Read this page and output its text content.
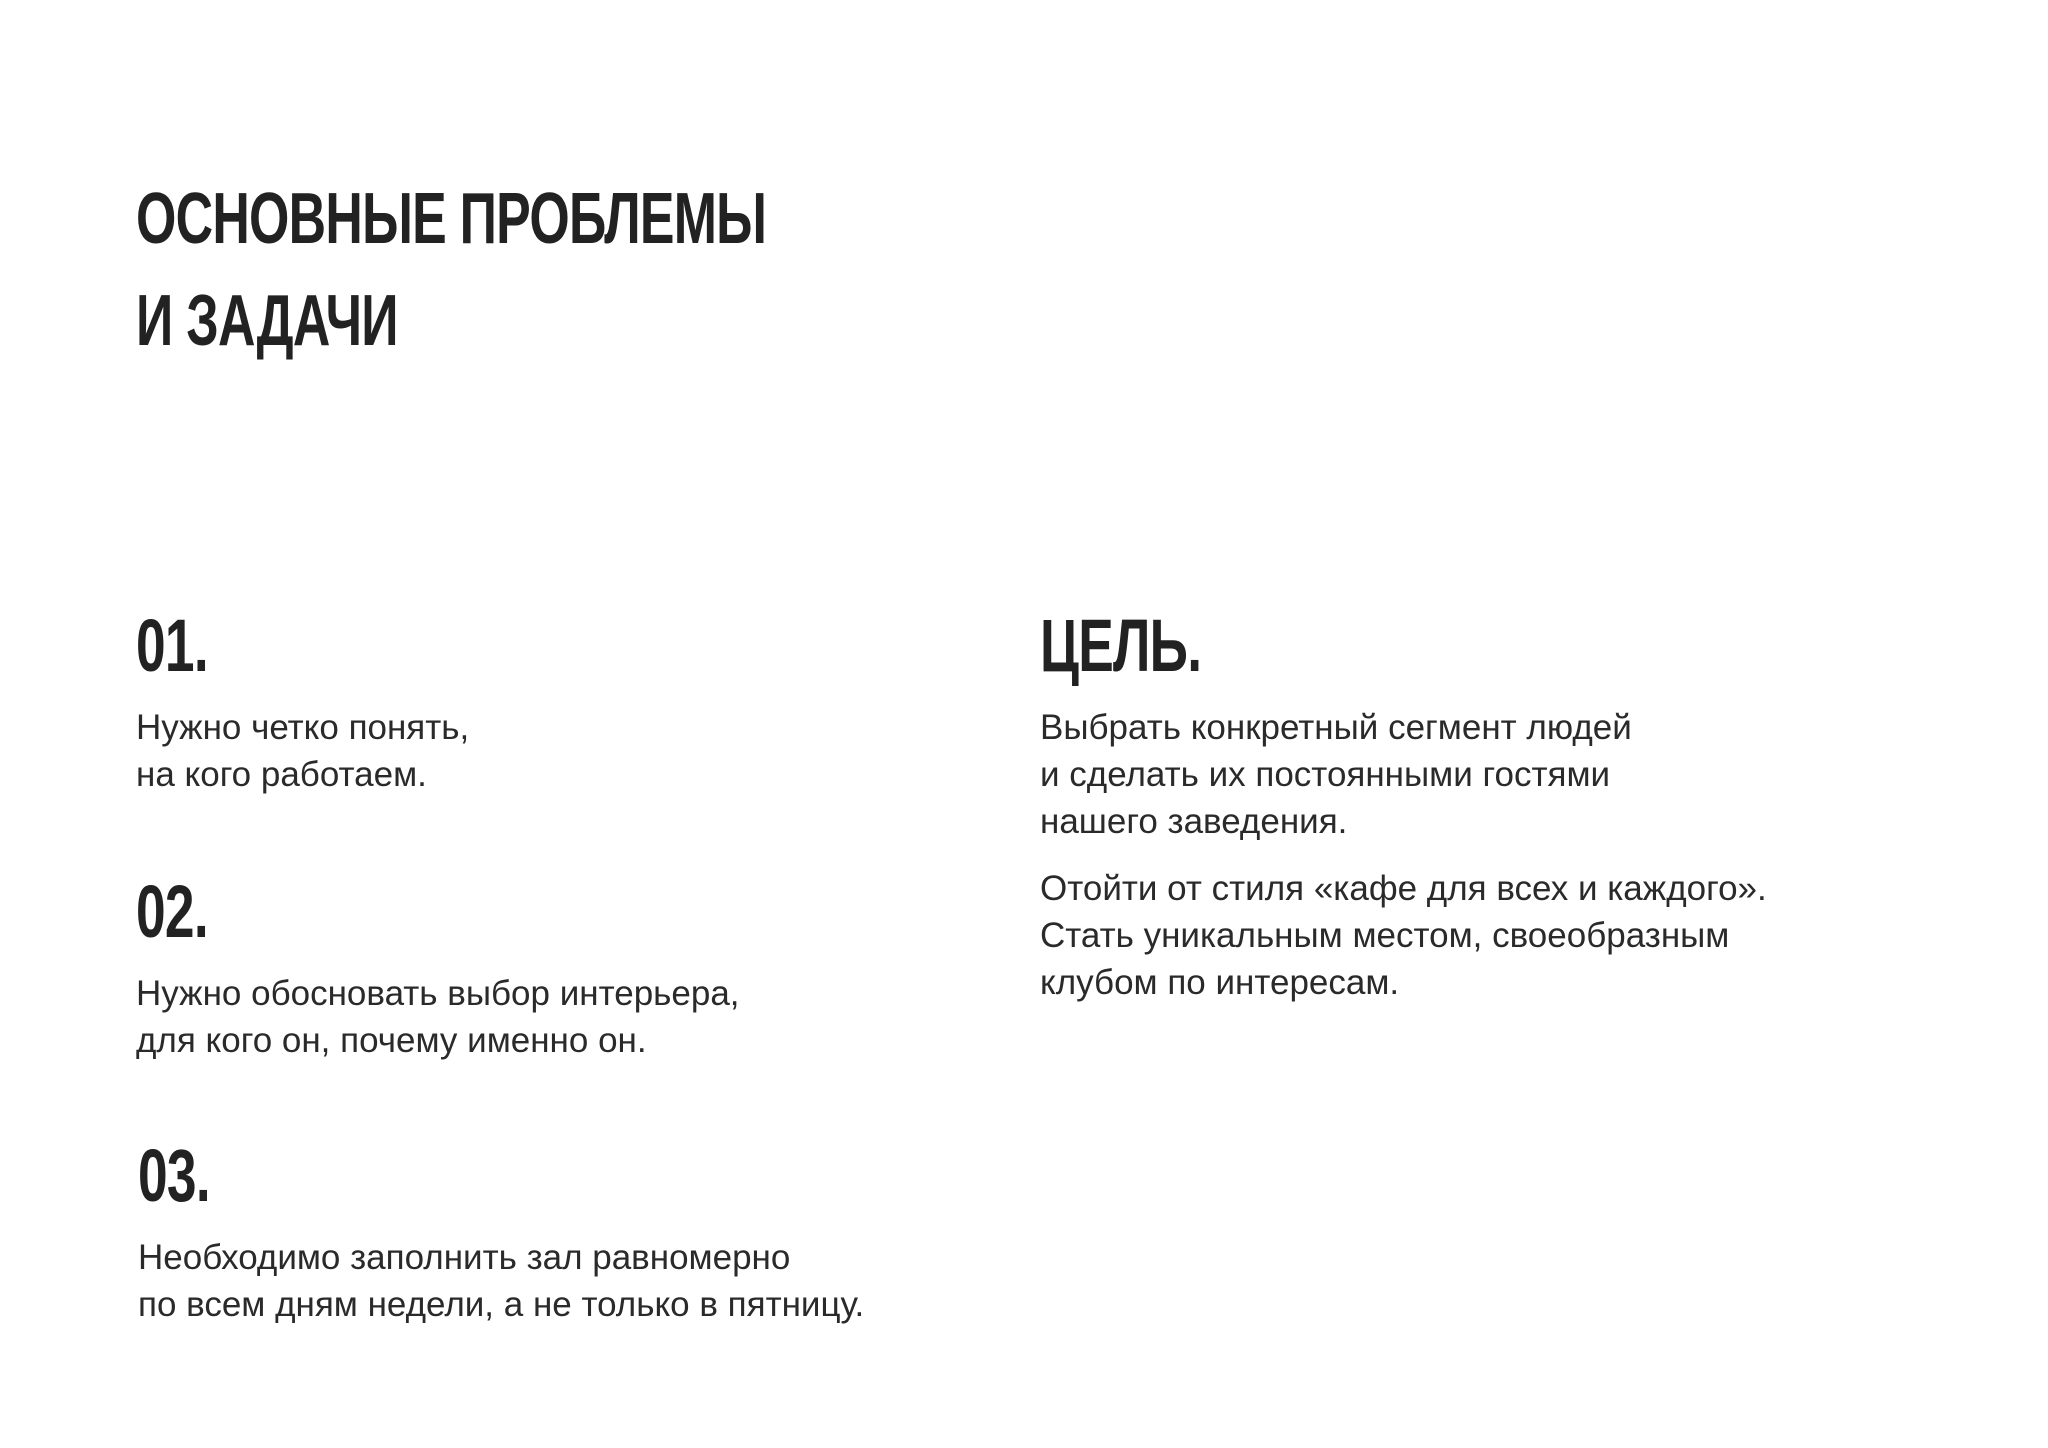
ОСНОВНЫЕ ПРОБЛЕМЫ
И ЗАДАЧИ
01.

Нужно четко понять,
на кого работаем.

02.

Нужно обосновать выбор интерьера,
для кого он, почему именно он.

03.

Необходимо заполнить зал равномерно
по всем дням недели, а не только в пятницу.

ЦЕЛЬ.

Выбрать конкретный сегмент людей
и сделать их постоянными гостями
нашего заведения.

Отойти от стиля «кафе для всех и каждого».
Стать уникальным местом, своеобразным
клубом по интересам.
